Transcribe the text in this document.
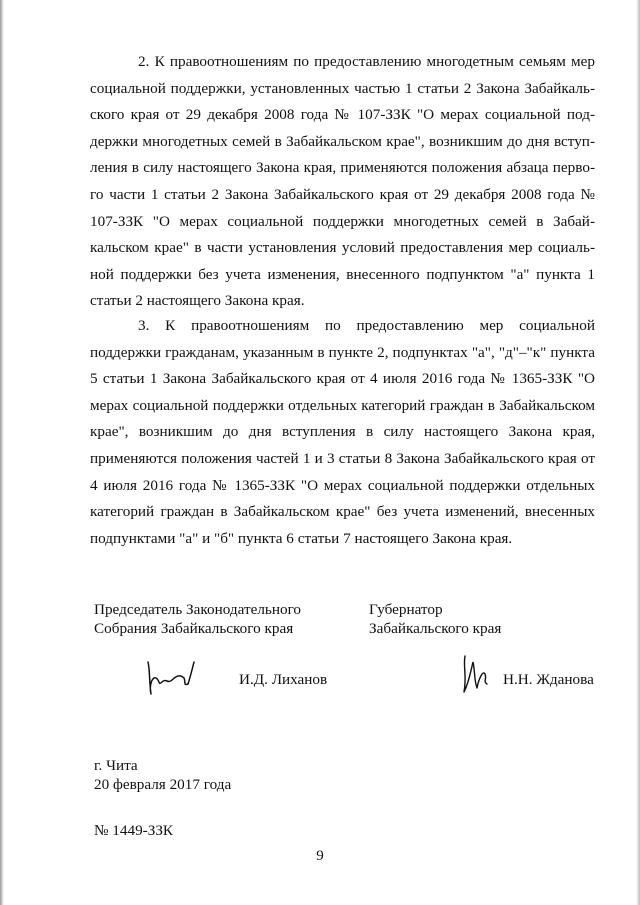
2. К правоотношениям по предоставлению многодетным семьям мер социальной поддержки, установленных частью 1 статьи 2 Закона Забайкальского края от 29 декабря 2008 года № 107-ЗЗК "О мерах социальной поддержки многодетных семей в Забайкальском крае", возникшим до дня вступления в силу настоящего Закона края, применяются положения абзаца первого части 1 статьи 2 Закона Забайкальского края от 29 декабря 2008 года № 107-ЗЗК "О мерах социальной поддержки многодетных семей в Забайкальском крае" в части установления условий предоставления мер социальной поддержки без учета изменения, внесенного подпунктом "а" пункта 1 статьи 2 настоящего Закона края.

3. К правоотношениям по предоставлению мер социальной поддержки гражданам, указанным в пункте 2, подпунктах "а", "д"–"к" пункта 5 статьи 1 Закона Забайкальского края от 4 июля 2016 года № 1365-ЗЗК "О мерах социальной поддержки отдельных категорий граждан в Забайкальском крае", возникшим до дня вступления в силу настоящего Закона края, применяются положения частей 1 и 3 статьи 8 Закона Забайкальского края от 4 июля 2016 года № 1365-ЗЗК "О мерах социальной поддержки отдельных категорий граждан в Забайкальском крае" без учета изменений, внесенных подпунктами "а" и "б" пункта 6 статьи 7 настоящего Закона края.

Председатель Законодательного
Собрания Забайкальского края
Губернатор
Забайкальского края
И.Д. Лиханов	Н.Н. Жданова
г. Чита
20 февраля 2017 года
№ 1449-ЗЗК
9
